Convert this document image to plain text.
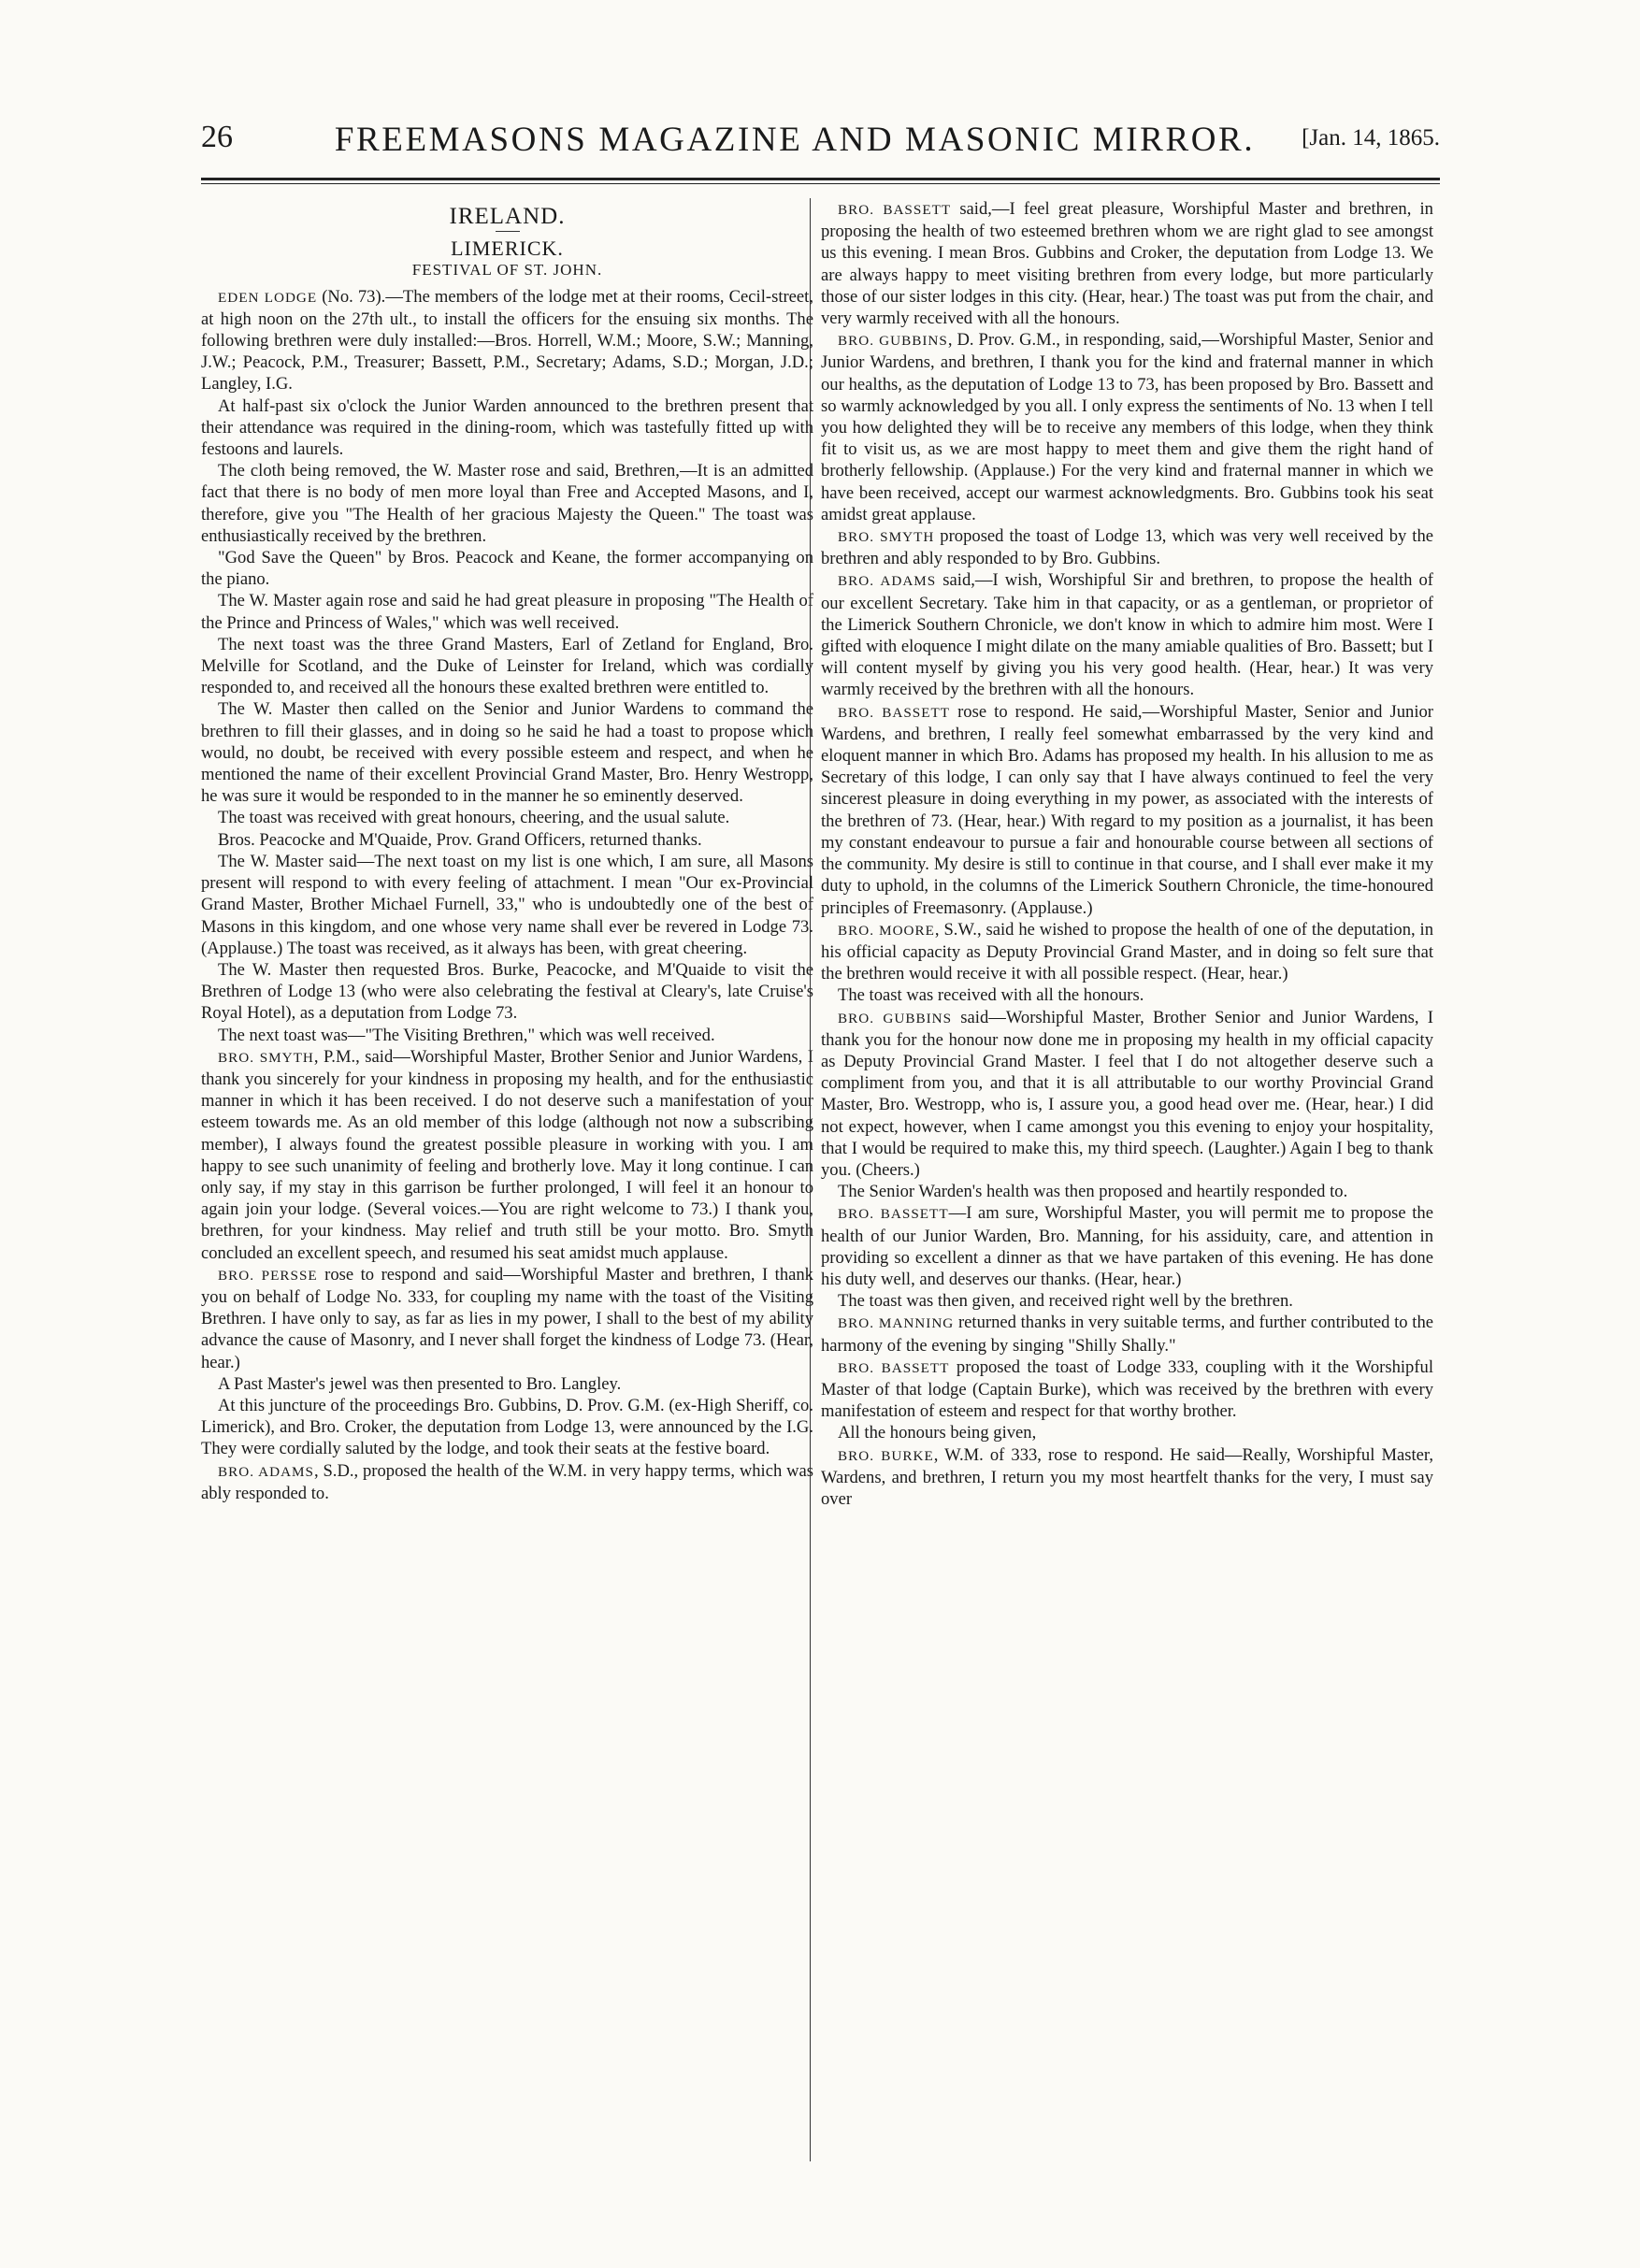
26	FREEMASONS MAGAZINE AND MASONIC MIRROR.	[Jan. 14, 1865.
IRELAND.
LIMERICK.
FESTIVAL OF ST. JOHN.

EDEN LODGE (No. 73).—The members of the lodge met at their rooms, Cecil-street, at high noon on the 27th ult., to install the officers for the ensuing six months. The following brethren were duly installed:—Bros. Horrell, W.M.; Moore, S.W.; Manning, J.W.; Peacock, P.M., Treasurer; Bassett, P.M., Secretary; Adams, S.D.; Morgan, J.D.; Langley, I.G.

At half-past six o'clock the Junior Warden announced to the brethren present that their attendance was required in the dining-room, which was tastefully fitted up with festoons and laurels.

The cloth being removed, the W. Master rose and said, Brethren,—It is an admitted fact that there is no body of men more loyal than Free and Accepted Masons, and I, therefore, give you "The Health of her gracious Majesty the Queen." The toast was enthusiastically received by the brethren.

"God Save the Queen" by Bros. Peacock and Keane, the former accompanying on the piano.

The W. Master again rose and said he had great pleasure in proposing "The Health of the Prince and Princess of Wales," which was well received.

The next toast was the three Grand Masters, Earl of Zetland for England, Bro. Melville for Scotland, and the Duke of Leinster for Ireland, which was cordially responded to, and received all the honours these exalted brethren were entitled to.

The W. Master then called on the Senior and Junior Wardens to command the brethren to fill their glasses, and in doing so he said he had a toast to propose which would, no doubt, be received with every possible esteem and respect, and when he mentioned the name of their excellent Provincial Grand Master, Bro. Henry Westropp, he was sure it would be responded to in the manner he so eminently deserved.

The toast was received with great honours, cheering, and the usual salute.

Bros. Peacocke and M'Quaide, Prov. Grand Officers, returned thanks.

The W. Master said—The next toast on my list is one which, I am sure, all Masons present will respond to with every feeling of attachment. I mean "Our ex-Provincial Grand Master, Brother Michael Furnell, 33," who is undoubtedly one of the best of Masons in this kingdom, and one whose very name shall ever be revered in Lodge 73. (Applause.) The toast was received, as it always has been, with great cheering.

The W. Master then requested Bros. Burke, Peacocke, and M'Quaide to visit the Brethren of Lodge 13 (who were also celebrating the festival at Cleary's, late Cruise's Royal Hotel), as a deputation from Lodge 73.

The next toast was—"The Visiting Brethren," which was well received.

BRO. SMYTH, P.M., said—Worshipful Master, Brother Senior and Junior Wardens, I thank you sincerely for your kindness in proposing my health, and for the enthusiastic manner in which it has been received. I do not deserve such a manifestation of your esteem towards me. As an old member of this lodge (although not now a subscribing member), I always found the greatest possible pleasure in working with you. I am happy to see such unanimity of feeling and brotherly love. May it long continue. I can only say, if my stay in this garrison be further prolonged, I will feel it an honour to again join your lodge. (Several voices.—You are right welcome to 73.) I thank you, brethren, for your kindness. May relief and truth still be your motto. Bro. Smyth concluded an excellent speech, and resumed his seat amidst much applause.

BRO. PERSSE rose to respond and said—Worshipful Master and brethren, I thank you on behalf of Lodge No. 333, for coupling my name with the toast of the Visiting Brethren. I have only to say, as far as lies in my power, I shall to the best of my ability advance the cause of Masonry, and I never shall forget the kindness of Lodge 73. (Hear, hear.)

A Past Master's jewel was then presented to Bro. Langley.

At this juncture of the proceedings Bro. Gubbins, D. Prov. G.M. (ex-High Sheriff, co. Limerick), and Bro. Croker, the deputation from Lodge 13, were announced by the I.G. They were cordially saluted by the lodge, and took their seats at the festive board.

BRO. ADAMS, S.D., proposed the health of the W.M. in very happy terms, which was ably responded to.

BRO. BASSETT said,—I feel great pleasure, Worshipful Master and brethren, in proposing the health of two esteemed brethren whom we are right glad to see amongst us this evening. I mean Bros. Gubbins and Croker, the deputation from Lodge 13. We are always happy to meet visiting brethren from every lodge, but more particularly those of our sister lodges in this city. (Hear, hear.) The toast was put from the chair, and very warmly received with all the honours.

BRO. GUBBINS, D. Prov. G.M., in responding, said,—Worshipful Master, Senior and Junior Wardens, and brethren, I thank you for the kind and fraternal manner in which our healths, as the deputation of Lodge 13 to 73, has been proposed by Bro. Bassett and so warmly acknowledged by you all. I only express the sentiments of No. 13 when I tell you how delighted they will be to receive any members of this lodge, when they think fit to visit us, as we are most happy to meet them and give them the right hand of brotherly fellowship. (Applause.) For the very kind and fraternal manner in which we have been received, accept our warmest acknowledgments. Bro. Gubbins took his seat amidst great applause.

BRO. SMYTH proposed the toast of Lodge 13, which was very well received by the brethren and ably responded to by Bro. Gubbins.

BRO. ADAMS said,—I wish, Worshipful Sir and brethren, to propose the health of our excellent Secretary. Take him in that capacity, or as a gentleman, or proprietor of the Limerick Southern Chronicle, we don't know in which to admire him most. Were I gifted with eloquence I might dilate on the many amiable qualities of Bro. Bassett; but I will content myself by giving you his very good health. (Hear, hear.) It was very warmly received by the brethren with all the honours.

BRO. BASSETT rose to respond. He said,—Worshipful Master, Senior and Junior Wardens, and brethren, I really feel somewhat embarrassed by the very kind and eloquent manner in which Bro. Adams has proposed my health. In his allusion to me as Secretary of this lodge, I can only say that I have always continued to feel the very sincerest pleasure in doing everything in my power, as associated with the interests of the brethren of 73. (Hear, hear.) With regard to my position as a journalist, it has been my constant endeavour to pursue a fair and honourable course between all sections of the community. My desire is still to continue in that course, and I shall ever make it my duty to uphold, in the columns of the Limerick Southern Chronicle, the time-honoured principles of Freemasonry. (Applause.)

BRO. MOORE, S.W., said he wished to propose the health of one of the deputation, in his official capacity as Deputy Provincial Grand Master, and in doing so felt sure that the brethren would receive it with all possible respect. (Hear, hear.)

The toast was received with all the honours.

BRO. GUBBINS said—Worshipful Master, Brother Senior and Junior Wardens, I thank you for the honour now done me in proposing my health in my official capacity as Deputy Provincial Grand Master. I feel that I do not altogether deserve such a compliment from you, and that it is all attributable to our worthy Provincial Grand Master, Bro. Westropp, who is, I assure you, a good head over me. (Hear, hear.) I did not expect, however, when I came amongst you this evening to enjoy your hospitality, that I would be required to make this, my third speech. (Laughter.) Again I beg to thank you. (Cheers.)

The Senior Warden's health was then proposed and heartily responded to.

BRO. BASSETT—I am sure, Worshipful Master, you will permit me to propose the health of our Junior Warden, Bro. Manning, for his assiduity, care, and attention in providing so excellent a dinner as that we have partaken of this evening. He has done his duty well, and deserves our thanks. (Hear, hear.)

The toast was then given, and received right well by the brethren.

BRO. MANNING returned thanks in very suitable terms, and further contributed to the harmony of the evening by singing "Shilly Shally."

BRO. BASSETT proposed the toast of Lodge 333, coupling with it the Worshipful Master of that lodge (Captain Burke), which was received by the brethren with every manifestation of esteem and respect for that worthy brother.

All the honours being given,

BRO. BURKE, W.M. of 333, rose to respond. He said—Really, Worshipful Master, Wardens, and brethren, I return you my most heartfelt thanks for the very, I must say over
